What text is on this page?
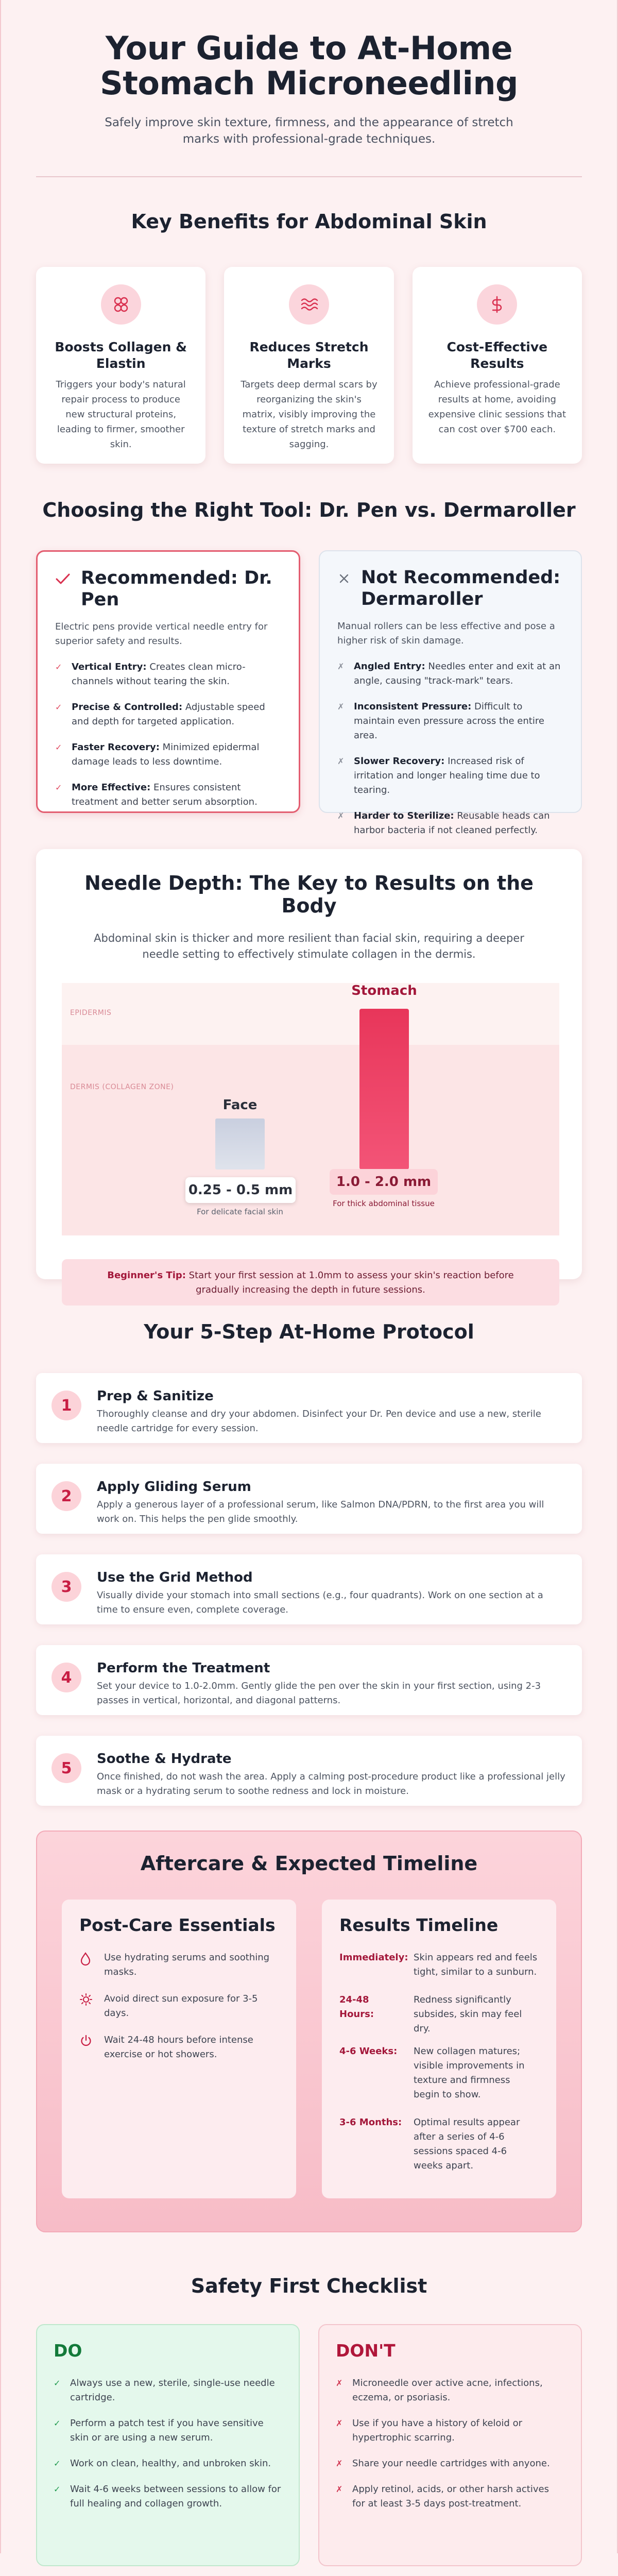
Your Guide to At-Home Stomach Microneedling

Safely improve skin texture, firmness, and the appearance of stretch marks with professional-grade techniques.

Key Benefits for Abdominal Skin
Boosts Collagen & Elastin

Triggers your body's natural repair process to produce new structural proteins, leading to firmer, smoother skin.

Reduces Stretch Marks

Targets deep dermal scars by reorganizing the skin's matrix, visibly improving the texture of stretch marks and sagging.

Cost-Effective Results

Achieve professional-grade results at home, avoiding expensive clinic sessions that can cost over $700 each.

Choosing the Right Tool: Dr. Pen vs. Dermaroller
Recommended: Dr. Pen

Electric pens provide vertical needle entry for superior safety and results.

✓ Vertical Entry: Creates clean micro-channels without tearing the skin.
✓ Precise & Controlled: Adjustable speed and depth for targeted application.
✓ Faster Recovery: Minimized epidermal damage leads to less downtime.
✓ More Effective: Ensures consistent treatment and better serum absorption.
Not Recommended: Dermaroller

Manual rollers can be less effective and pose a higher risk of skin damage.

✗ Angled Entry: Needles enter and exit at an angle, causing "track-mark" tears.
✗ Inconsistent Pressure: Difficult to maintain even pressure across the entire area.
✗ Slower Recovery: Increased risk of irritation and longer healing time due to tearing.
✗ Harder to Sterilize: Reusable heads can harbor bacteria if not cleaned perfectly.
Needle Depth: The Key to Results on the Body

Abdominal skin is thicker and more resilient than facial skin, requiring a deeper needle setting to effectively stimulate collagen in the dermis.

EPIDERMIS
DERMIS (COLLAGEN ZONE)
Face
Stomach
0.25 - 0.5 mm
1.0 - 2.0 mm
For delicate facial skin
For thick abdominal tissue
Beginner's Tip: Start your first session at 1.0mm to assess your skin's reaction before gradually increasing the depth in future sessions.
Your 5-Step At-Home Protocol
1
Prep & Sanitize

Thoroughly cleanse and dry your abdomen. Disinfect your Dr. Pen device and use a new, sterile needle cartridge for every session.

2
Apply Gliding Serum

Apply a generous layer of a professional serum, like Salmon DNA/PDRN, to the first area you will work on. This helps the pen glide smoothly.

3
Use the Grid Method

Visually divide your stomach into small sections (e.g., four quadrants). Work on one section at a time to ensure even, complete coverage.

4
Perform the Treatment

Set your device to 1.0-2.0mm. Gently glide the pen over the skin in your first section, using 2-3 passes in vertical, horizontal, and diagonal patterns.

5
Soothe & Hydrate

Once finished, do not wash the area. Apply a calming post-procedure product like a professional jelly mask or a hydrating serum to soothe redness and lock in moisture.

Aftercare & Expected Timeline
Post-Care Essentials
Use hydrating serums and soothing masks.
Avoid direct sun exposure for 3-5 days.
Wait 24-48 hours before intense exercise or hot showers.
Results Timeline
Immediately: Skin appears red and feels tight, similar to a sunburn.
24-48 Hours:
Redness significantly subsides, skin may feel dry.
4-6 Weeks:	New collagen matures; visible improvements in texture and firmness begin to show.
3-6 Months: Optimal results appear after a series of 4-6 sessions spaced 4-6 weeks apart.
Safety First Checklist
DO
✓ Always use a new, sterile, single-use needle cartridge.
✓ Perform a patch test if you have sensitive skin or are using a new serum.
✓ Work on clean, healthy, and unbroken skin.
✓ Wait 4-6 weeks between sessions to allow for full healing and collagen growth.
DON'T
✗ Microneedle over active acne, infections, eczema, or psoriasis.
✗ Use if you have a history of keloid or hypertrophic scarring.
✗ Share your needle cartridges with anyone.
✗ Apply retinol, acids, or other harsh actives for at least 3-5 days post-treatment.
